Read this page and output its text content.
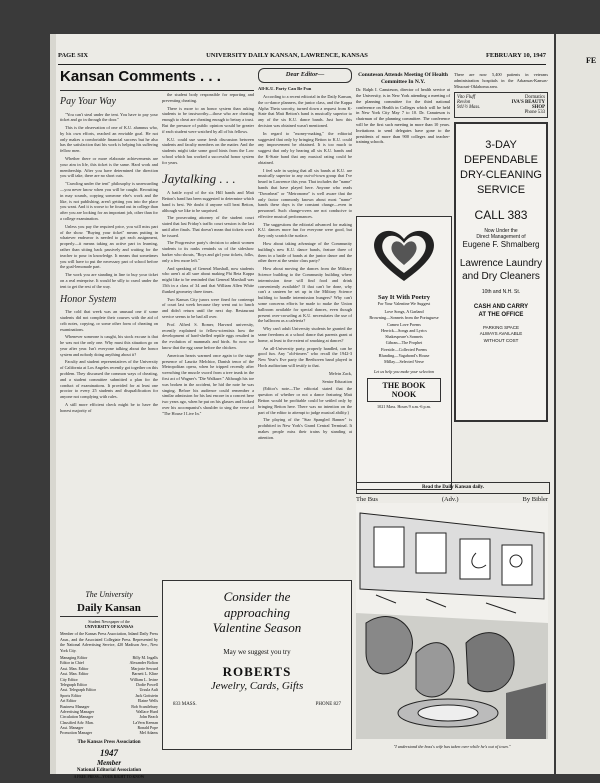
PAGE SIX	UNIVERSITY DAILY KANSAN, LAWRENCE, KANSAS	FEBRUARY 10, 1947
Kansan Comments . . .
Pay Your Way

"You can't steal under the tent. You have to pay your ticket and go in through the door."

This is the observation of one of K.U. alumnus who, by his own efforts, reached an enviable goal. He not only makes a comfortable financial success but he also has the satisfaction that his work is helping his suffering fellow men.

Whether there or more elaborate achievements are your aim in life, this ticket is the same. Hard work and membership. After you have determined the direction you will take, there are no short cuts.

"Crawling under the tent" philosophy is unrewarding—you never know when you will be caught. Recruiting in may sounds, copying someone else's work and the like, is not publishing, aren't getting you into the place you want. And it is worse to be found out in college than after you are looking for an important job, other than for a college examination.

Unless you pay the required price, you will miss part of the show. "Buying your ticket" means putting in whatever endeavor is needed to get each assignment, properly—it means taking an active part in learning, rather than sitting back passively and waiting for the teacher to pour in knowledge. It means that sometimes you will have to put the necessary part of school before the goal-lemonade part.

The work you are standing in line to buy your ticket on a real enterprise. It would be silly to crawl under the tent to get the rest of the way.

Honor System

The cold that week was an unusual one if some students did not complete their courses with the aid of crib notes, copying, or some other form of cheating on examinations.

Whenever someone is caught, his stock excuse is that he was not the only one. Why must this situation go on year after year. Isn't everyone talking about the honor system and nobody doing anything about it?

Faculty and student representatives of the University of California at Los Angeles recently got together on this problem. They discussed the common ways of cheating, and a student committee submitted a plan for the conduct of examinations. It provided for at least one proctor to every 25 students and disqualification for anyone not complying with rules.

A still more efficient check might be to have the honest majority of

the student body responsible for reporting and preventing cheating.

There is more to an honor system than asking students to be trustworthy—those who are cheating enough to cheat are cheating enough to betray a trust. But the pressure of public opinion would be greater if each student were watched by all of his fellows.

K.U. could use some fresh discussion between students and faculty members on the matter. And the students might take some good hints from the Low school which has worked a successful honor system for years.

Jaytalking . . .

A battle royal of the six Hill bands and Matt Betton's band has been suggested to determine which band is best. We doubt if anyone will beat Betton, although we like to be surprised.

The prosecuting attorney of the student court stated that last Friday's traffic court session is the last until after finals. That doesn't mean that tickets won't be issued.

The Progressive party's decision to admit women students to its ranks reminds us of the sideshow barker who shouts, "Boys and girl your tickets, folks, only a few more left."

And speaking of General Marshall, now students who aren't at all sure about making Phi Beta Kappa might like to be reminded that General Marshall was 15th in a class of 34 and that William Allen White flunked geometry three times.

Two Kansas City jurors were fined for contempt of court last week because they went out to lunch and didn't return until the next day. Restaurant service seems to be bad all over.

Prof. Alfred S. Romer, Harvard university, recently explained to fellow-scientists how the development of hard-shelled reptile eggs resulted in the evolution of mammals and birds. So now we know that the egg came before the chicken.

American hearts warmed once again to the stage presence of Lauritz Melchior, Danish tenor of the Metropolitan opera, when he tripped recently after wrenching the muscle sword from a tree trunk in the first act of Wagner's "Die Walkure." Although his toe was broken in the accident, he hid the note he was singing. Before his audience could remember a similar admission for his last encore in a concert here two years ago, when he put on his glasses and looked over his accompanist's shoulder to sing the verse of "The House I Live In."

Dear Editor—

All-K.U. Party Can Be Fun

According to a recent editorial in the Daily Kansan, the co-dance planners, the junior class, and the Kappa Alpha Theta sorority, turned down a request from K-State that Matt Betton's band is musically superior to any of the six K.U. dance bands. Just how this decision was obtained wasn't mentioned.

In regard to "money-making," the editorial suggested that only by bringing Betton to K.U. could any improvement be obtained. It is too much to suggest that only by hearing all six K.U. bands and the K-State band that any musical rating could be obtained.

I feel safe in saying that all six bands at K.U. are musically superior to any out-of-town group that I've heard in Lawrence this year. That includes the "name" bands that have played here. Anyone who reads "Downbeat" or "Metronome" is well aware that the only factor commonly known about most "name" bands these days is the constant change—even in personnel. Such change-overs are not conducive to effective musical performances.

The suggestions the editorial advanced for making K.U. dances more fun for everyone were good, but they only scratch the surface.

How about taking advantage of the Community building's new K.U. dance bands, feature three of them in a battle of bands at the junior dance and the other three at the senior class party?

How about moving the dances from the Military Science building to the Community building where intermission time will find food and drink conveniently available? If that can't be done, why can't a canteen be set up in the Military Science building to handle intermission hungers? Why can't some concerns efforts be made to make the Union ballroom available for special dances, even though present over-crowding at K.U. necessitates the use of the ballroom as a cafeteria?

Why can't adult University students be granted the same freedoms at a school dance that parents grant at home, at least to the extent of smoking at dances?

An all-University party, properly handled, can be good fun. Any "old-timers" who recall the 1942-3 New Year's Eve party the Beethoven band played in Hoch auditorium will testify to that.

Melvin Zack,

Senior Education

(Editor's note—The editorial stated that the question of whether or not a dance featuring Matt Betton would be profitable could be settled only by bringing Betton here. There was no intention on the part of the editor to attempt to judge musical ability.)

The playing of the "Star Spangled Banner" is prohibited in New York's Grand Central Terminal. It makes people miss their trains by standing at attention.

The University
Daily Kansan
Student Newspaper of the
UNIVERSITY OF KANSAS
Member of the Kansas Press Association, Inland Daily Press Assn., and the Associated Collegiate Press. Represented by the National Advertising Service, 420 Madison Ave., New York City.
Managing Editor	Billy M. Ingalls
Editor in Chief	Alexander Bolton
Asst. Man. Editor	Marjorie Seward
Asst. Man. Editor	Barnett L. Kline
City Editor	William L. Irvine
Telegraph Editor	Dodie Powell
Asst. Telegraph Editor	Ursula Ault
Sports Editor	Jack Gottstein
Art Editor	Elaine Wells
Business Manager	Bob Scantlebury
Advertising Manager	Wallace Hurd
Circulation Manager	John Beach
Classified Adv. Man.	LaVern Keenan
Asst. Manager	Ronald Pope
Promotion Manager	Mel Adams
The Kansas Press Association
1947
Member
National Editorial Association
A FREE PRESS—YOUR RIGHT TO KNOW
Consider the
approaching
Valentine Season
May we suggest you try
ROBERTS
Jewelry, Cards, Gifts
833 MASS.	PHONE 827
Conuteson Attends Meeting Of Health Committee In N.Y.
Dr. Ralph I. Canuteson, director of health service at the University, is in New York attending a meeting of the planning committee for the third national conference on Health in Colleges which will be held in New York City May 7 to 10. Dr. Canuteson is chairman of the planning committee. The conference will be the first such meeting in more than 10 years. Invitations to send delegates have gone to the presidents of more than 900 colleges and teacher-training schools.
Say It With Poetry
For Your Valentine We Suggest
Love Songs, A Garland
Browning—Sonnets from the Portuguese
Cameo Love Poems
Herrick—Songs and Lyrics
Shakespeare's Sonnets
Gibran—The Prophet
Fireside—Collected Poems
Blunding—Vagabond's House
Millay—Selected Verse
Let us help you make your selection
THE BOOK NOOK
1021 Mass. Hours 9 a.m.-6 p.m.
There are now 5,400 patients in veterans administration hospitals in the Arkansas-Kansas-Missouri-Oklahoma area.
Vito Fluff
Revlon
941½ Mass.
Dormatics
IVA'S BEAUTY SHOP
Phone 533
3-DAY
DEPENDABLE
DRY-CLEANING
SERVICE
CALL 383
Now Under the
Direct Management of
Eugene F. Shmalberg
Lawrence Laundry
and Dry Cleaners
10th and N.H. St.
CASH AND CARRY
AT THE OFFICE
PARKING SPACE
ALWAYS AVAILABLE
WITHOUT COST
Read the Daily Kansan daily.
The Bus	(Adv.)	By Bibler
"I understand the boss's wife has taken over while he's out of town."
FE
